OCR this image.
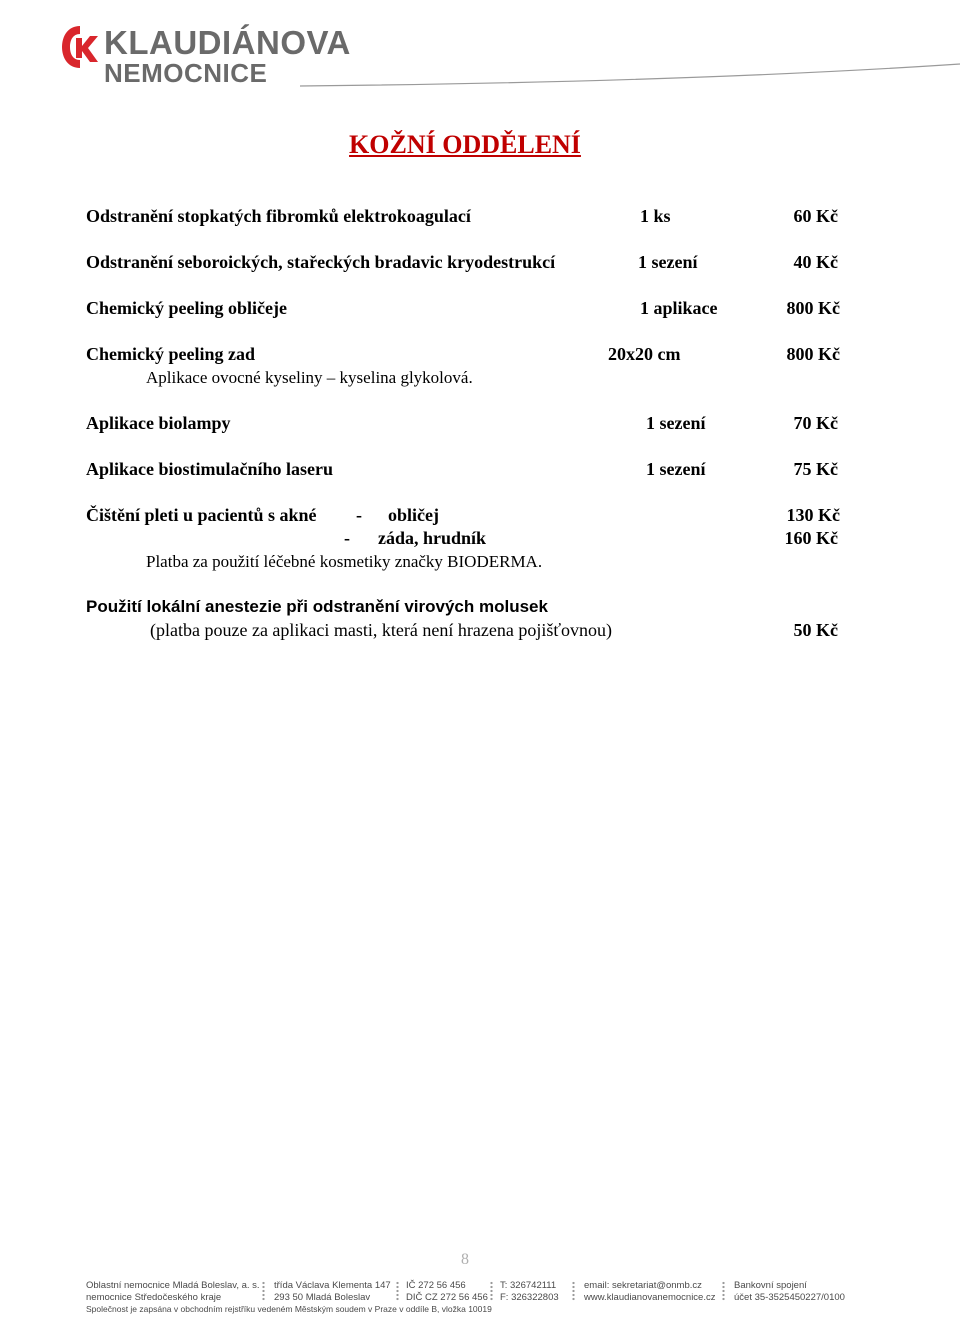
KLAUDIÁNOVA
NEMOCNICE
KOŽNÍ ODDĚLENÍ
Odstranění stopkatých fibromků elektrokoagulací	1 ks	60 Kč
Odstranění seboroických, stařeckých bradavic kryodestrukcí	1 sezení	40 Kč
Chemický peeling obličeje	1 aplikace	800 Kč
Chemický peeling zad	20x20 cm	800 Kč
Aplikace ovocné kyseliny – kyselina glykolová.
Aplikace biolampy	1 sezení	70 Kč
Aplikace biostimulačního laseru	1 sezení	75 Kč
Čištění pleti u pacientů s akné - obličej	130 Kč
- záda, hrudník	160 Kč
Platba za použití léčebné kosmetiky značky BIODERMA.
Použití lokální anestezie při odstranění virových molusek
(platba pouze za aplikaci masti, která není hrazena pojišťovnou)	50 Kč
8
Oblastní nemocnice Mladá Boleslav, a. s.
nemocnice Středočeského kraje
třída Václava Klementa 147
293 50 Mladá Boleslav
IČ 272 56 456
DIČ CZ 272 56 456
T: 326742111
F: 326322803
email: sekretariat@onmb.cz
www.klaudianovanemocnice.cz
Bankovní spojení
účet 35-3525450227/0100
Společnost je zapsána v obchodním rejstříku vedeném Městským soudem v Praze v oddíle B, vložka 10019
